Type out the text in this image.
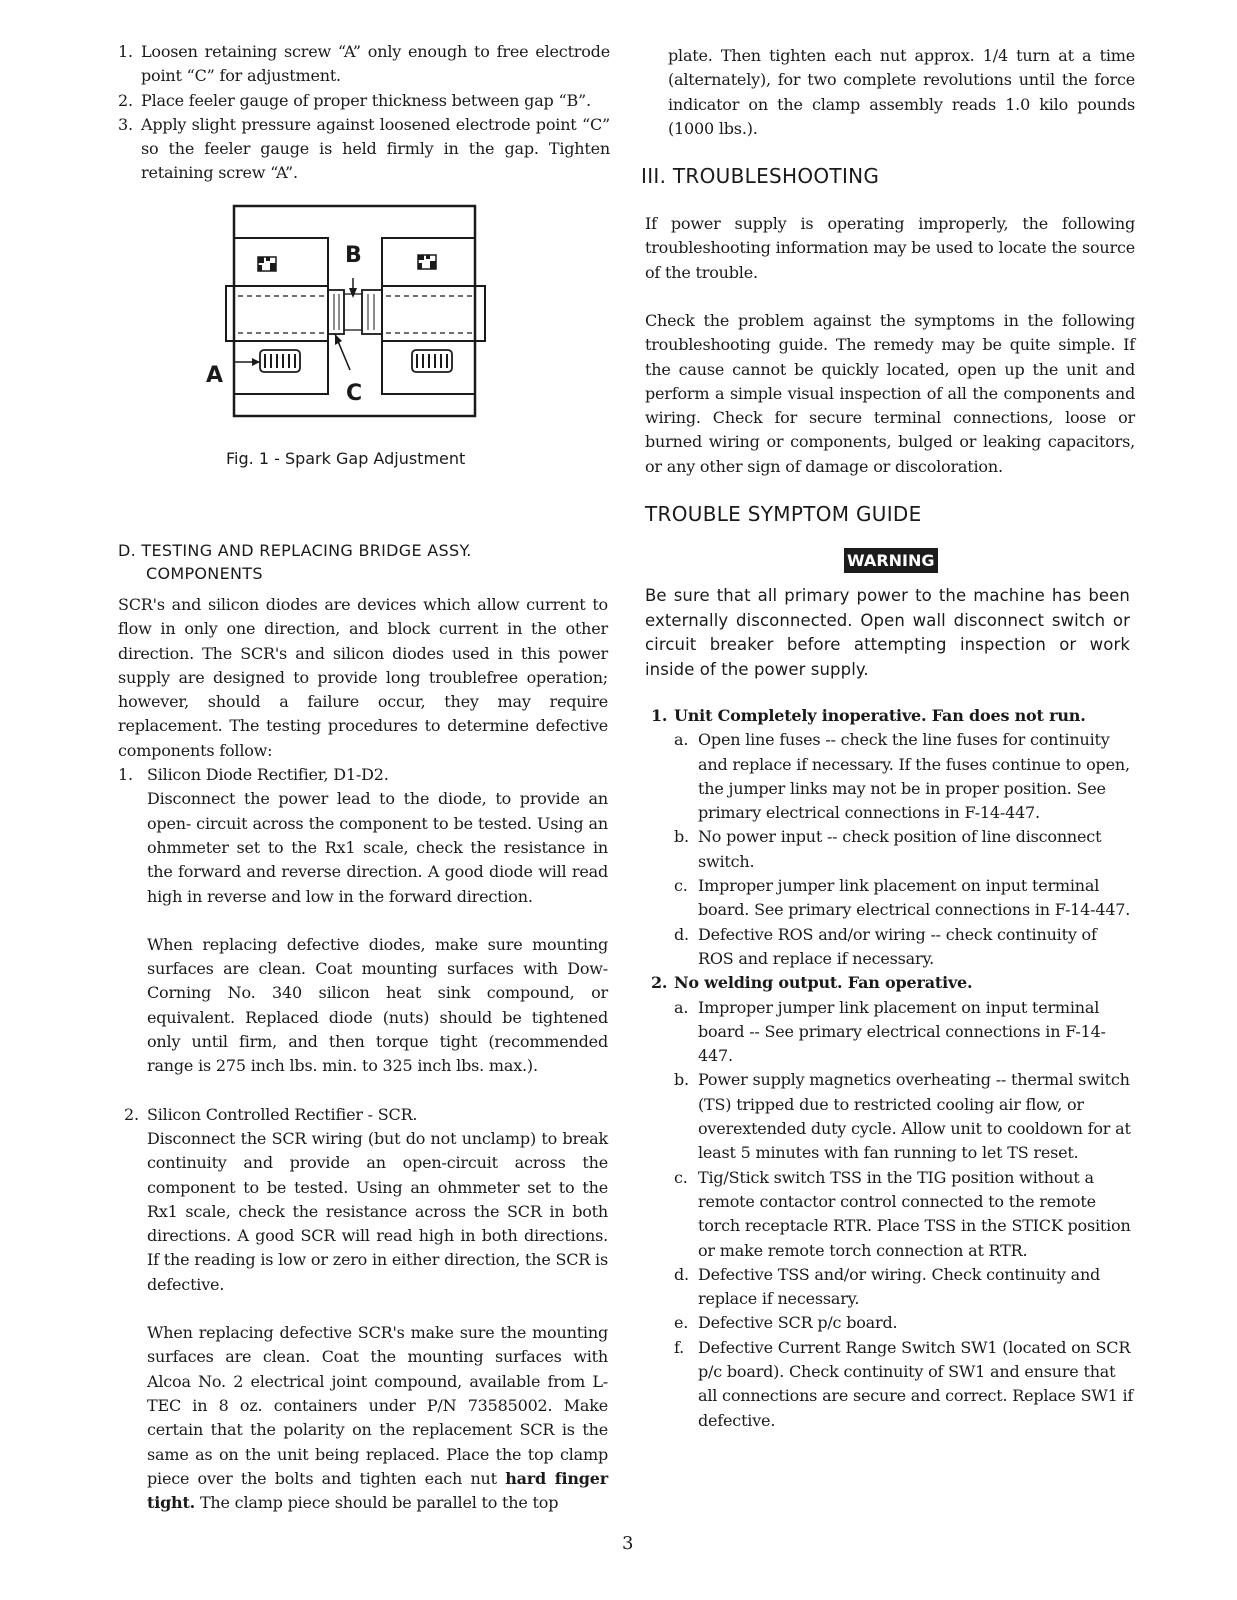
1. Loosen retaining screw “A” only enough to free electrode point “C” for adjustment.
2. Place feeler gauge of proper thickness between gap “B”.
3. Apply slight pressure against loosened electrode point “C” so the feeler gauge is held firmly in the gap. Tighten retaining screw “A”.
A
B
C
Fig. 1 - Spark Gap Adjustment
D. TESTING AND REPLACING BRIDGE ASSY.
COMPONENTS

SCR's and silicon diodes are devices which allow current to flow in only one direction, and block current in the other direction. The SCR's and silicon diodes used in this power supply are designed to provide long troublefree operation; however, should a failure occur, they may require replacement. The testing procedures to determine defective components follow:

1. Silicon Diode Rectifier, D1-D2.

Disconnect the power lead to the diode, to provide an open- circuit across the component to be tested. Using an ohmmeter set to the Rx1 scale, check the resistance in the forward and reverse direction. A good diode will read high in reverse and low in the forward direction.

When replacing defective diodes, make sure mounting surfaces are clean. Coat mounting surfaces with Dow-Corning No. 340 silicon heat sink compound, or equivalent. Replaced diode (nuts) should be tightened only until firm, and then torque tight (recommended range is 275 inch lbs. min. to 325 inch lbs. max.).

2. Silicon Controlled Rectifier - SCR.

Disconnect the SCR wiring (but do not unclamp) to break continuity and provide an open-circuit across the component to be tested. Using an ohmmeter set to the Rx1 scale, check the resistance across the SCR in both directions. A good SCR will read high in both directions. If the reading is low or zero in either direction, the SCR is defective.

When replacing defective SCR's make sure the mounting surfaces are clean. Coat the mounting surfaces with Alcoa No. 2 electrical joint compound, available from L-TEC in 8 oz. containers under P/N 73585002. Make certain that the polarity on the replacement SCR is the same as on the unit being replaced. Place the top clamp piece over the bolts and tighten each nut hard finger tight. The clamp piece should be parallel to the top

plate. Then tighten each nut approx. 1/4 turn at a time (alternately), for two complete revolutions until the force indicator on the clamp assembly reads 1.0 kilo pounds (1000 lbs.).

III. TROUBLESHOOTING

If power supply is operating improperly, the following troubleshooting information may be used to locate the source of the trouble.

Check the problem against the symptoms in the following troubleshooting guide. The remedy may be quite simple. If the cause cannot be quickly located, open up the unit and perform a simple visual inspection of all the components and wiring. Check for secure terminal connections, loose or burned wiring or components, bulged or leaking capacitors, or any other sign of damage or discoloration.

TROUBLE SYMPTOM GUIDE
WARNING

Be sure that all primary power to the machine has been externally disconnected. Open wall disconnect switch or circuit breaker before attempting inspection or work inside of the power supply.

1. Unit Completely inoperative. Fan does not run.
a. Open line fuses -- check the line fuses for continuity and replace if necessary. If the fuses continue to open, the jumper links may not be in proper position. See primary electrical connections in F-14-447.
b. No power input -- check position of line disconnect switch.
c. Improper jumper link placement on input terminal board. See primary electrical connections in F-14-447.
d. Defective ROS and/or wiring -- check continuity of ROS and replace if necessary.
2. No welding output. Fan operative.
a. Improper jumper link placement on input terminal board -- See primary electrical connections in F-14-447.
b. Power supply magnetics overheating -- thermal switch (TS) tripped due to restricted cooling air flow, or overextended duty cycle. Allow unit to cooldown for at least 5 minutes with fan running to let TS reset.
c. Tig/Stick switch TSS in the TIG position without a remote contactor control connected to the remote torch receptacle RTR. Place TSS in the STICK position or make remote torch connection at RTR.
d. Defective TSS and/or wiring. Check continuity and replace if necessary.
e. Defective SCR p/c board.
f. Defective Current Range Switch SW1 (located on SCR p/c board). Check continuity of SW1 and ensure that all connections are secure and correct. Replace SW1 if defective.
3
